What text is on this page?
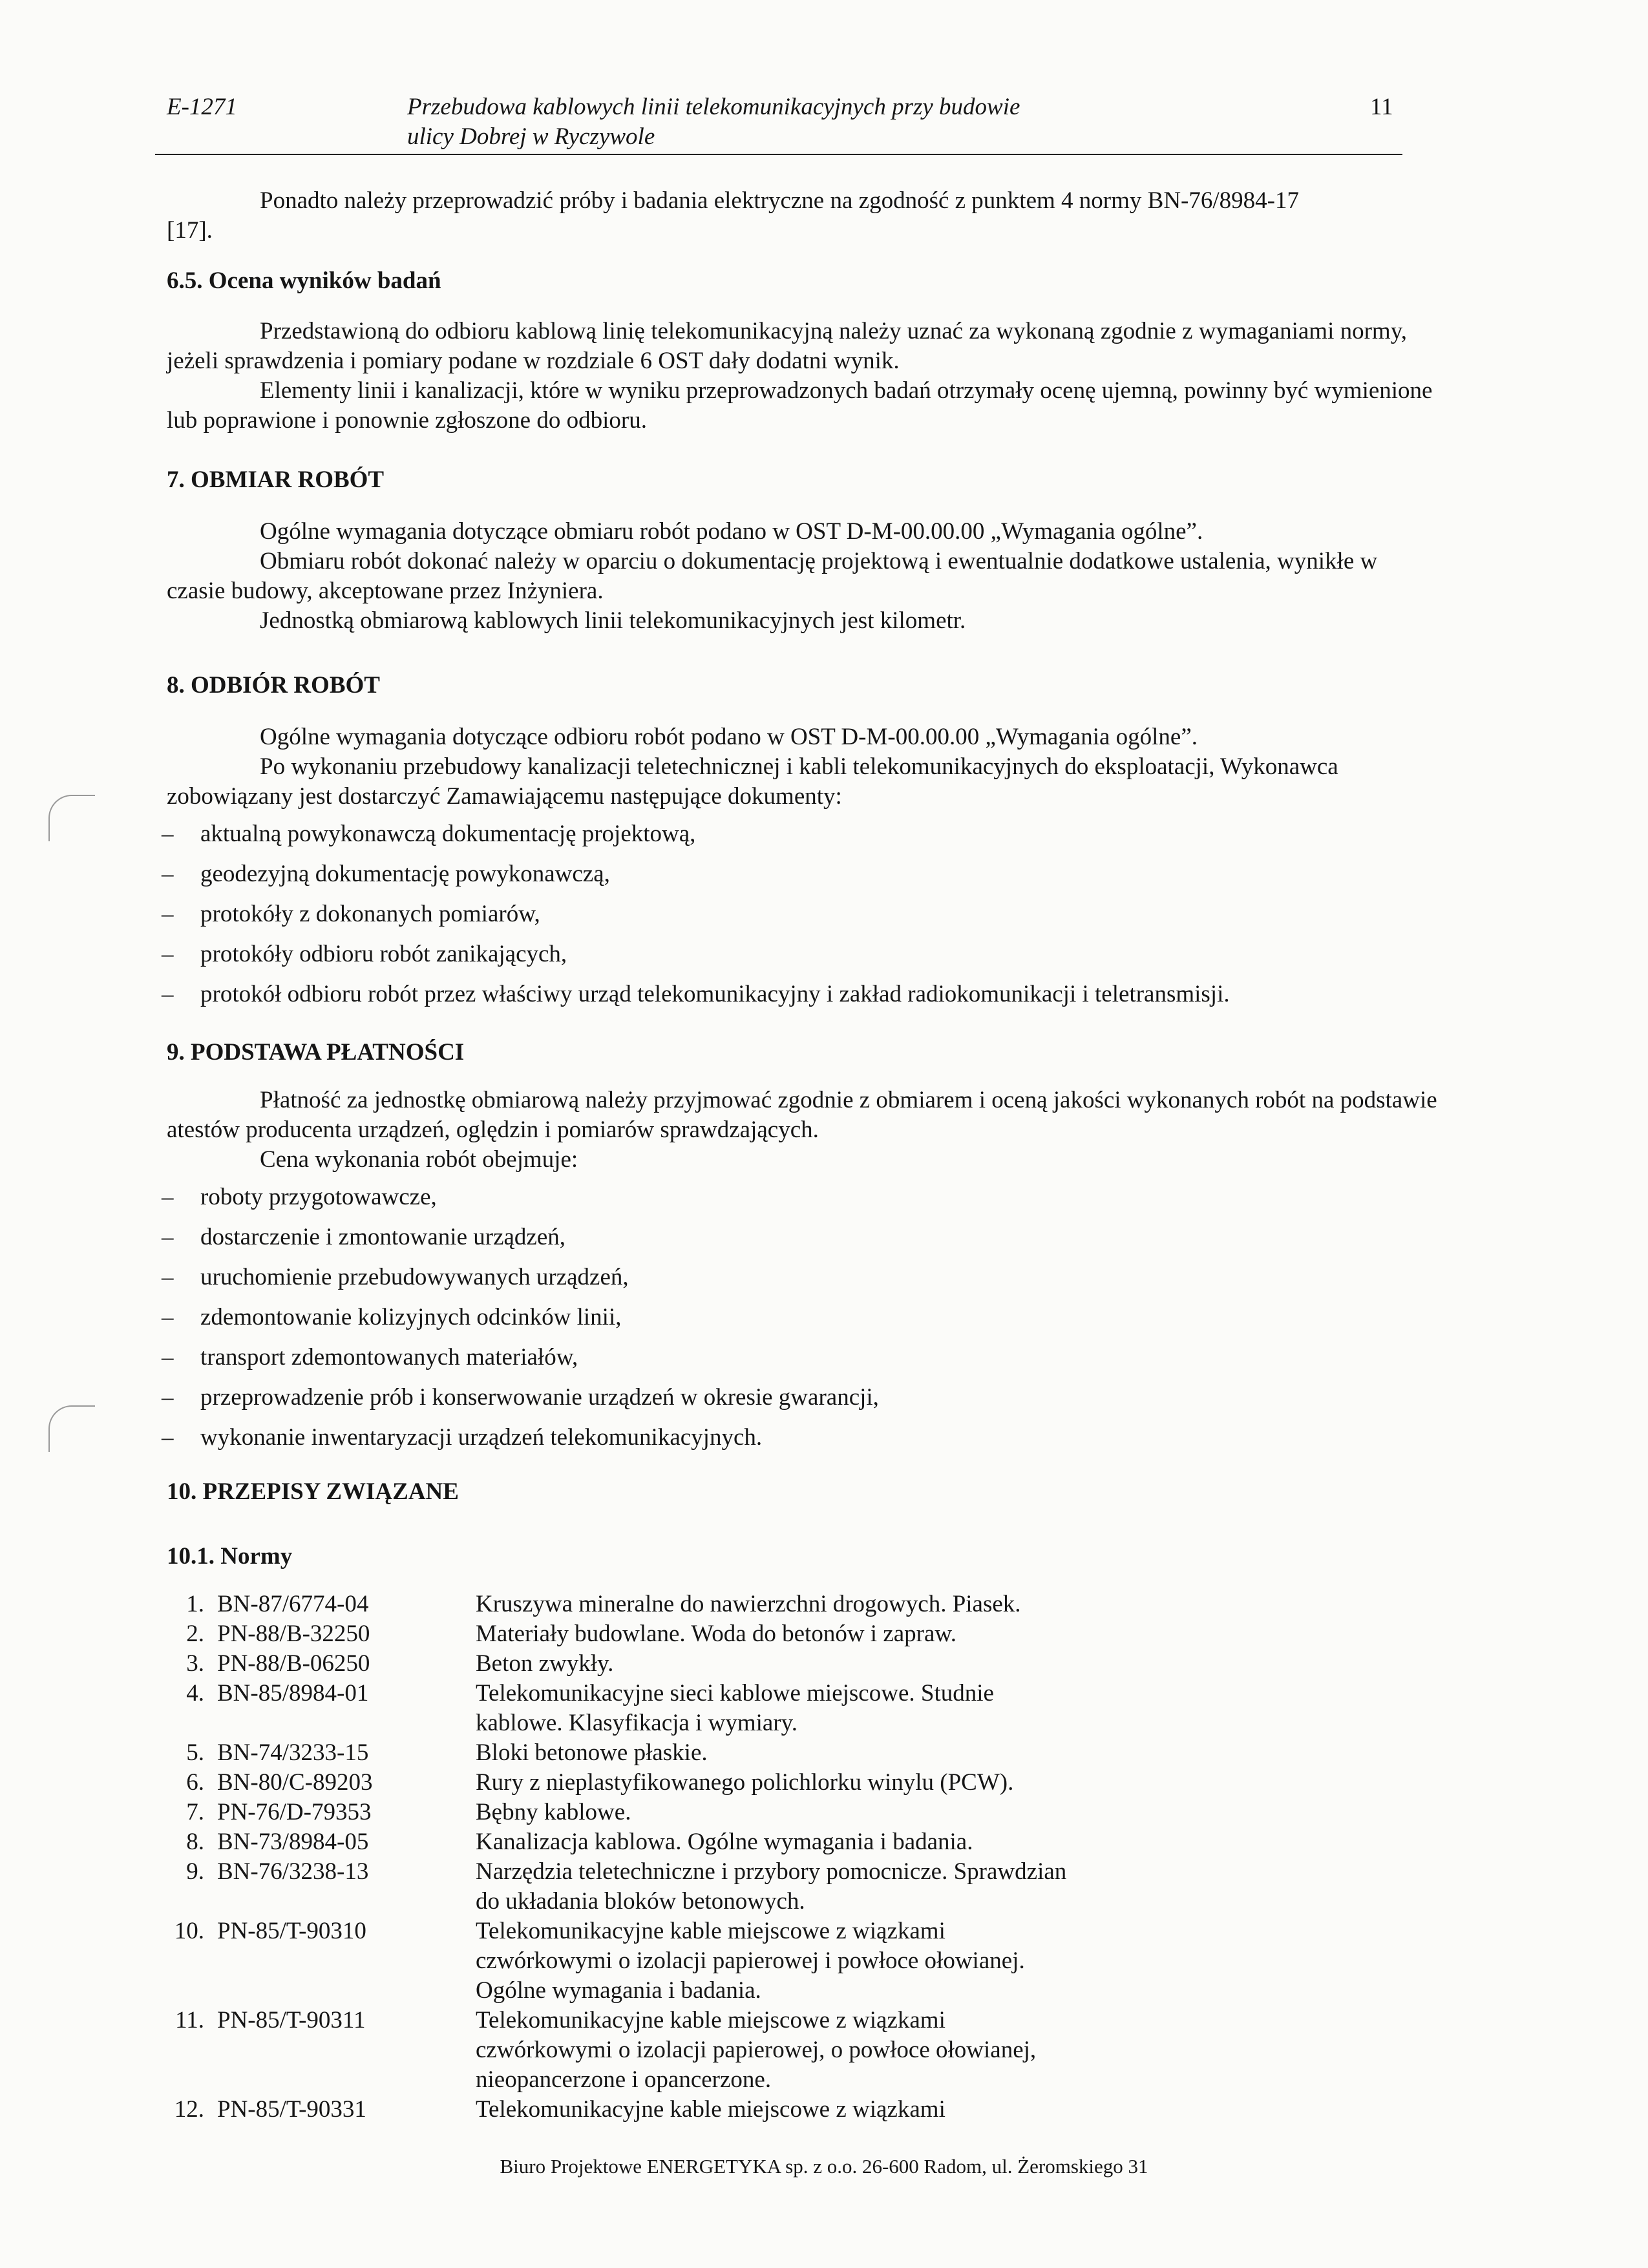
E-1271	Przebudowa kablowych linii telekomunikacyjnych przy budowie
ulicy Dobrej w Ryczywole
11
Ponadto należy przeprowadzić próby i badania elektryczne na zgodność z punktem 4 normy BN-76/8984-17
[17].
6.5. Ocena wyników badań
Przedstawioną do odbioru kablową linię telekomunikacyjną należy uznać za wykonaną zgodnie z wymaganiami normy, jeżeli sprawdzenia i pomiary podane w rozdziale 6 OST dały dodatni wynik.
Elementy linii i kanalizacji, które w wyniku przeprowadzonych badań otrzymały ocenę ujemną, powinny być wymienione lub poprawione i ponownie zgłoszone do odbioru.
7. OBMIAR ROBÓT
Ogólne wymagania dotyczące obmiaru robót podano w OST D-M-00.00.00 „Wymagania ogólne”.
Obmiaru robót dokonać należy w oparciu o dokumentację projektową i ewentualnie dodatkowe ustalenia, wynikłe w czasie budowy, akceptowane przez Inżyniera.
Jednostką obmiarową kablowych linii telekomunikacyjnych jest kilometr.
8. ODBIÓR ROBÓT
Ogólne wymagania dotyczące odbioru robót podano w OST D-M-00.00.00 „Wymagania ogólne”.
Po wykonaniu przebudowy kanalizacji teletechnicznej i kabli telekomunikacyjnych do eksploatacji, Wykonawca zobowiązany jest dostarczyć Zamawiającemu następujące dokumenty:
– aktualną powykonawczą dokumentację projektową,
– geodezyjną dokumentację powykonawczą,
– protokóły z dokonanych pomiarów,
– protokóły odbioru robót zanikających,
– protokół odbioru robót przez właściwy urząd telekomunikacyjny i zakład radiokomunikacji i teletransmisji.
9. PODSTAWA PŁATNOŚCI
Płatność za jednostkę obmiarową należy przyjmować zgodnie z obmiarem i oceną jakości wykonanych robót na podstawie atestów producenta urządzeń, oględzin i pomiarów sprawdzających.
Cena wykonania robót obejmuje:
– roboty przygotowawcze,
– dostarczenie i zmontowanie urządzeń,
– uruchomienie przebudowywanych urządzeń,
– zdemontowanie kolizyjnych odcinków linii,
– transport zdemontowanych materiałów,
– przeprowadzenie prób i konserwowanie urządzeń w okresie gwarancji,
– wykonanie inwentaryzacji urządzeń telekomunikacyjnych.
10. PRZEPISY ZWIĄZANE
10.1. Normy
1. BN-87/6774-04	Kruszywa mineralne do nawierzchni drogowych. Piasek.
2. PN-88/B-32250	Materiały budowlane. Woda do betonów i zapraw.
3. PN-88/B-06250	Beton zwykły.
4. BN-85/8984-01	Telekomunikacyjne sieci kablowe miejscowe. Studnie
kablowe. Klasyfikacja i wymiary.
5. BN-74/3233-15	Bloki betonowe płaskie.
6. BN-80/C-89203	Rury z nieplastyfikowanego polichlorku winylu (PCW).
7. PN-76/D-79353	Bębny kablowe.
8. BN-73/8984-05	Kanalizacja kablowa. Ogólne wymagania i badania.
9. BN-76/3238-13	Narzędzia teletechniczne i przybory pomocnicze. Sprawdzian
do układania bloków betonowych.
10. PN-85/T-90310	Telekomunikacyjne kable miejscowe z wiązkami
czwórkowymi o izolacji papierowej i powłoce ołowianej.
Ogólne wymagania i badania.
11. PN-85/T-90311	Telekomunikacyjne kable miejscowe z wiązkami
czwórkowymi o izolacji papierowej, o powłoce ołowianej,
nieopancerzone i opancerzone.
12. PN-85/T-90331	Telekomunikacyjne kable miejscowe z wiązkami
Biuro Projektowe ENERGETYKA sp. z o.o. 26-600 Radom, ul. Żeromskiego 31
